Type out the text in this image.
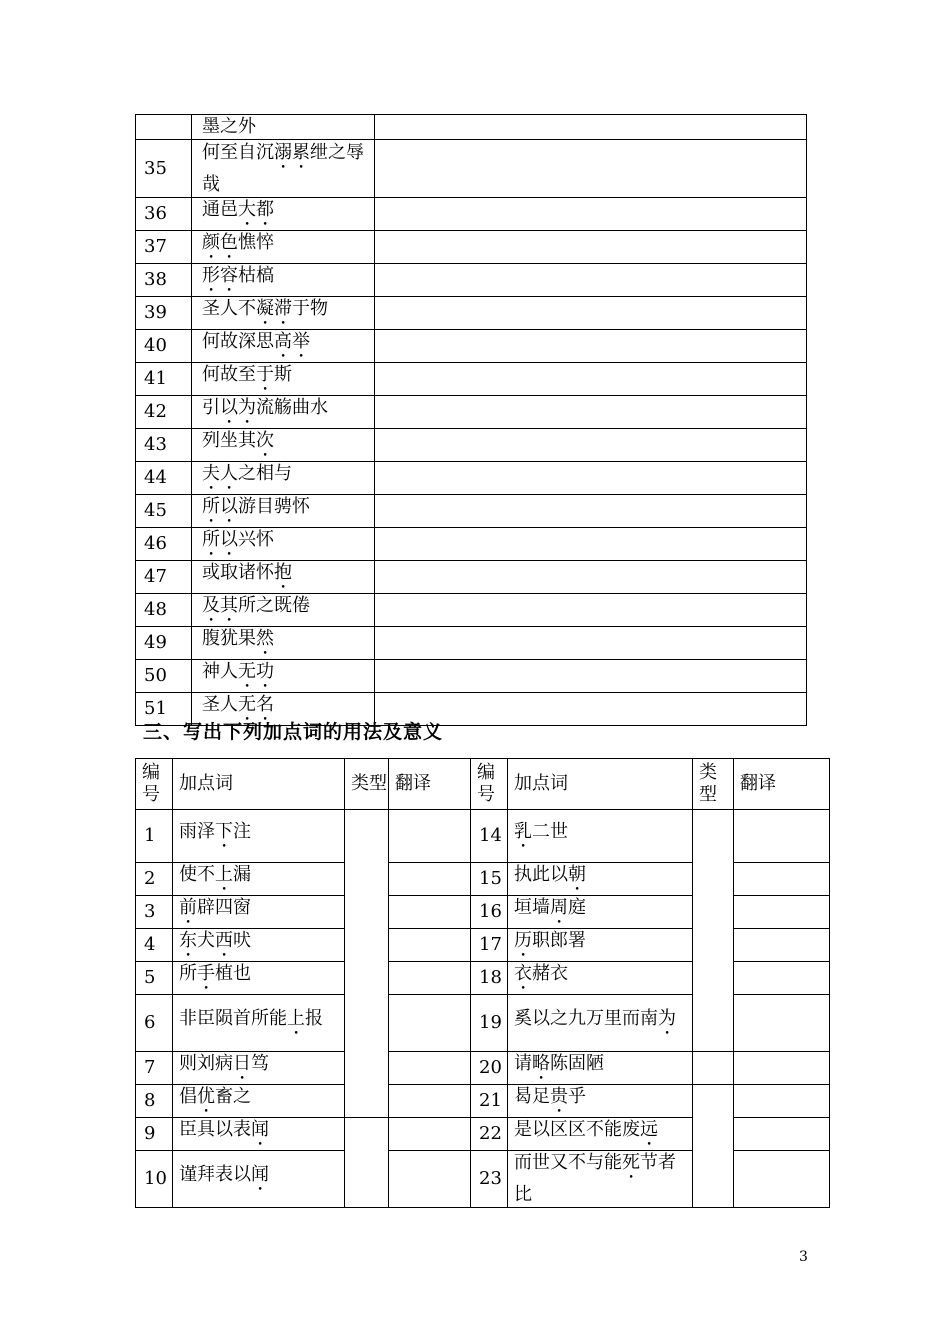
	墨之外	
35	何至自沉溺累绁之辱哉	
36	通邑大都	
37	颜色憔悴	
38	形容枯槁	
39	圣人不凝滞于物	
40	何故深思高举	
41	何故至于斯	
42	引以为流觞曲水	
43	列坐其次	
44	夫人之相与	
45	所以游目骋怀	
46	所以兴怀	
47	或取诸怀抱	
48	及其所之既倦	
49	腹犹果然	
50	神人无功	
51	圣人无名	
三、写出下列加点词的用法及意义
编号	加点词	类型	翻译	编号	加点词	类型	翻译
1	雨泽下注			14	乳二世		
2	使不上漏			15	执此以朝		
3	前辟四窗			16	垣墙周庭		
4	东犬西吠			17	历职郎署		
5	所手植也			18	衣赭衣		
6	非臣陨首所能上报			19	奚以之九万里而南为		
7	则刘病日笃			20	请略陈固陋		
8	倡优畜之			21	曷足贵乎		
9	臣具以表闻			22	是以区区不能废远		
10	谨拜表以闻			23	而世又不与能死节者比		
3
